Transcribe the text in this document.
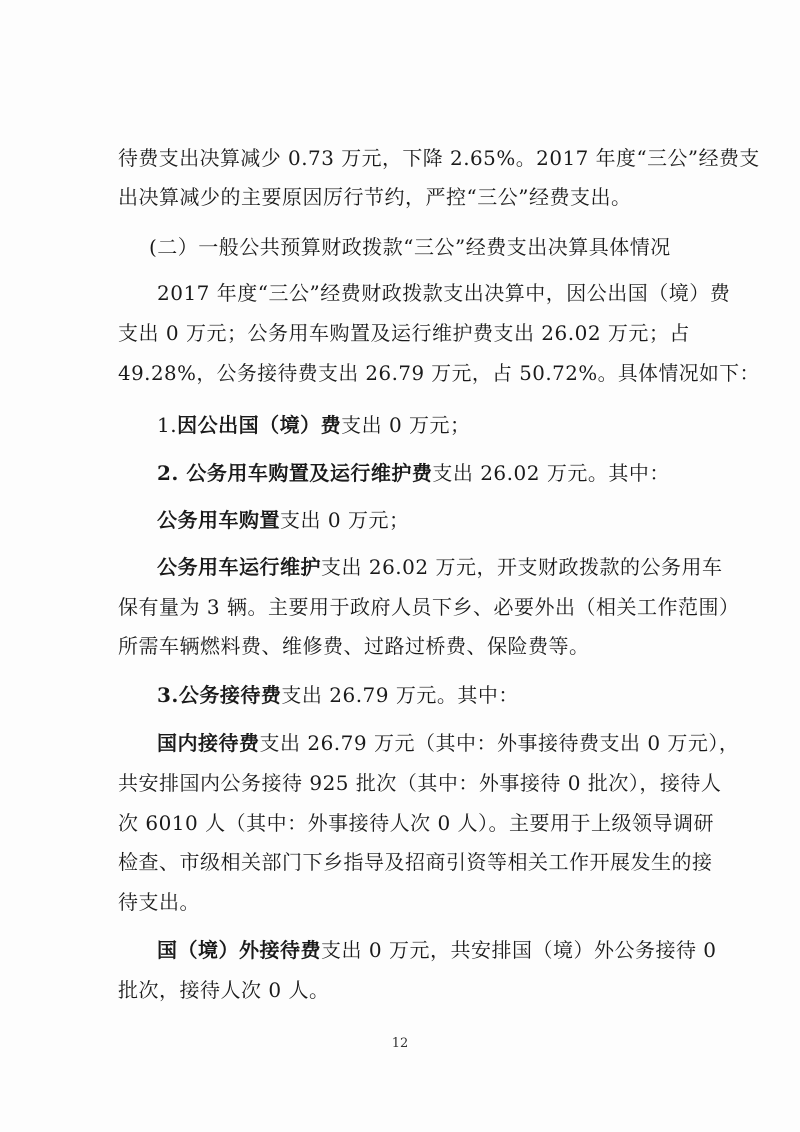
待费支出决算减少 0.73 万元，下降 2.65%。2017 年度“三公”经费支
出决算减少的主要原因厉行节约，严控“三公”经费支出。
(二）一般公共预算财政拨款“三公”经费支出决算具体情况
2017 年度“三公”经费财政拨款支出决算中，因公出国（境）费
支出 0 万元；公务用车购置及运行维护费支出 26.02 万元；占
49.28%，公务接待费支出 26.79 万元，占 50.72%。具体情况如下：
1.因公出国（境）费支出 0 万元；
2. 公务用车购置及运行维护费支出 26.02 万元。其中：
公务用车购置支出 0 万元；
公务用车运行维护支出 26.02 万元，开支财政拨款的公务用车
保有量为 3 辆。主要用于政府人员下乡、必要外出（相关工作范围）
所需车辆燃料费、维修费、过路过桥费、保险费等。
3.公务接待费支出 26.79 万元。其中：
国内接待费支出 26.79 万元（其中：外事接待费支出 0 万元），
共安排国内公务接待 925 批次（其中：外事接待 0 批次），接待人
次 6010 人（其中：外事接待人次 0 人）。主要用于上级领导调研
检查、市级相关部门下乡指导及招商引资等相关工作开展发生的接
待支出。
国（境）外接待费支出 0 万元，共安排国（境）外公务接待 0
批次，接待人次 0 人。
12
